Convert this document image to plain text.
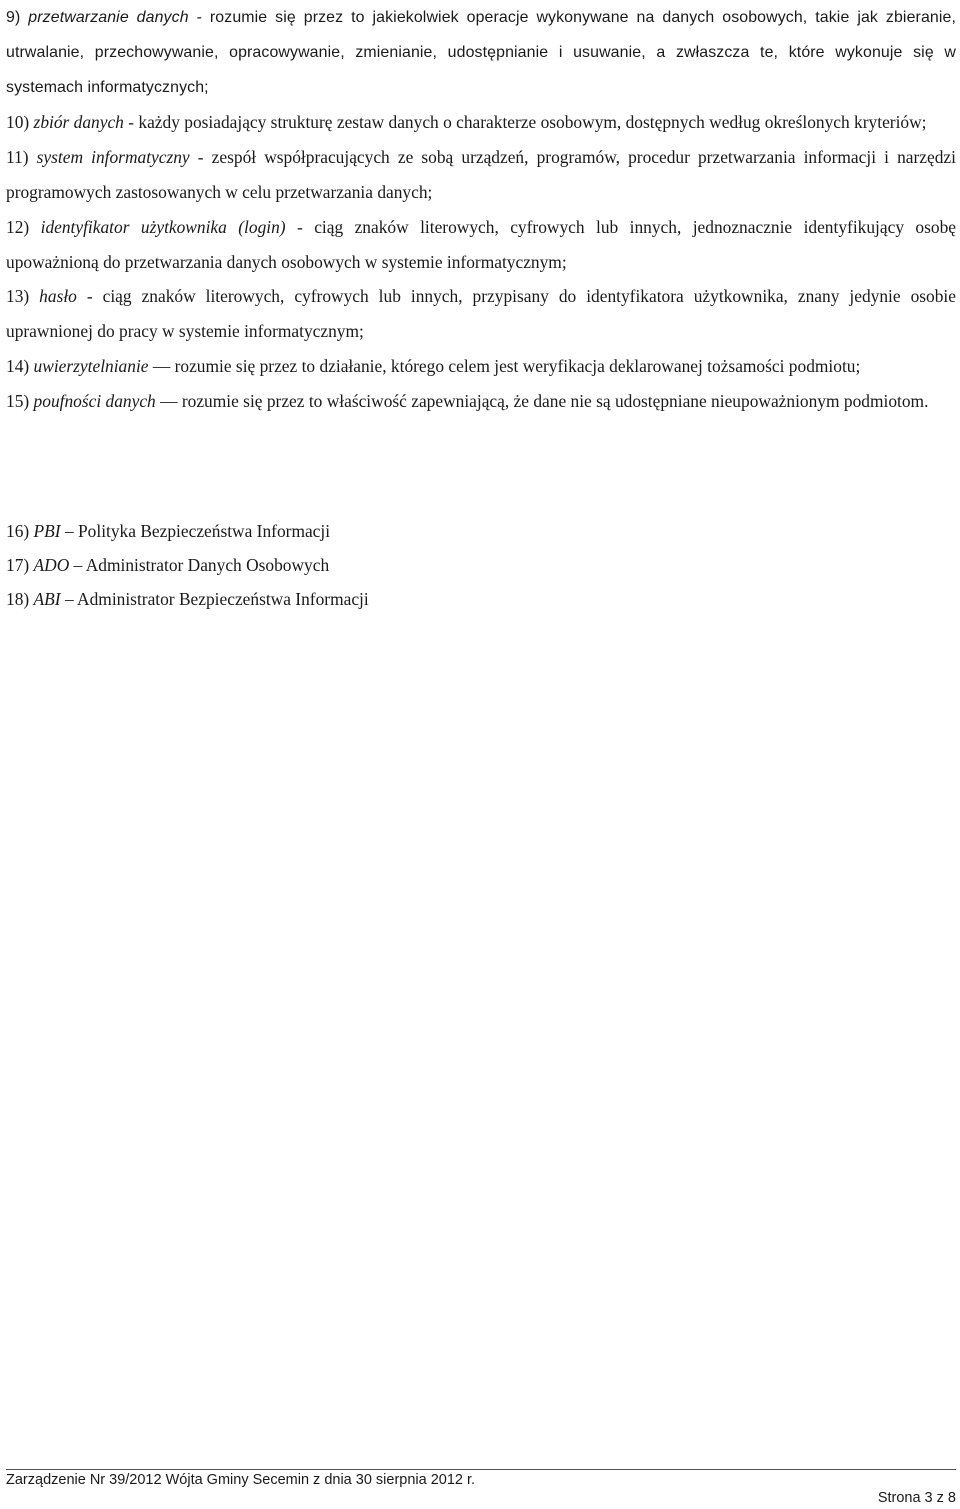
9) przetwarzanie danych - rozumie się przez to jakiekolwiek operacje wykonywane na danych osobowych, takie jak zbieranie, utrwalanie, przechowywanie, opracowywanie, zmienianie, udostępnianie i usuwanie, a zwłaszcza te, które wykonuje się w systemach informatycznych;

10) zbiór danych - każdy posiadający strukturę zestaw danych o charakterze osobowym, dostępnych według określonych kryteriów;

11) system informatyczny - zespół współpracujących ze sobą urządzeń, programów, procedur przetwarzania informacji i narzędzi programowych zastosowanych w celu przetwarzania danych;

12) identyfikator użytkownika (login) - ciąg znaków literowych, cyfrowych lub innych, jednoznacznie identyfikujący osobę upoważnioną do przetwarzania danych osobowych w systemie informatycznym;

13) hasło - ciąg znaków literowych, cyfrowych lub innych, przypisany do identyfikatora użytkownika, znany jedynie osobie uprawnionej do pracy w systemie informatycznym;

14) uwierzytelnianie — rozumie się przez to działanie, którego celem jest weryfikacja deklarowanej tożsamości podmiotu;

15) poufności danych — rozumie się przez to właściwość zapewniającą, że dane nie są udostępniane nieupoważnionym podmiotom.

16) PBI – Polityka Bezpieczeństwa Informacji

17) ADO – Administrator Danych Osobowych

18) ABI – Administrator Bezpieczeństwa Informacji

Zarządzenie Nr 39/2012 Wójta Gminy Secemin z dnia 30 sierpnia 2012 r.
Strona 3 z 8
